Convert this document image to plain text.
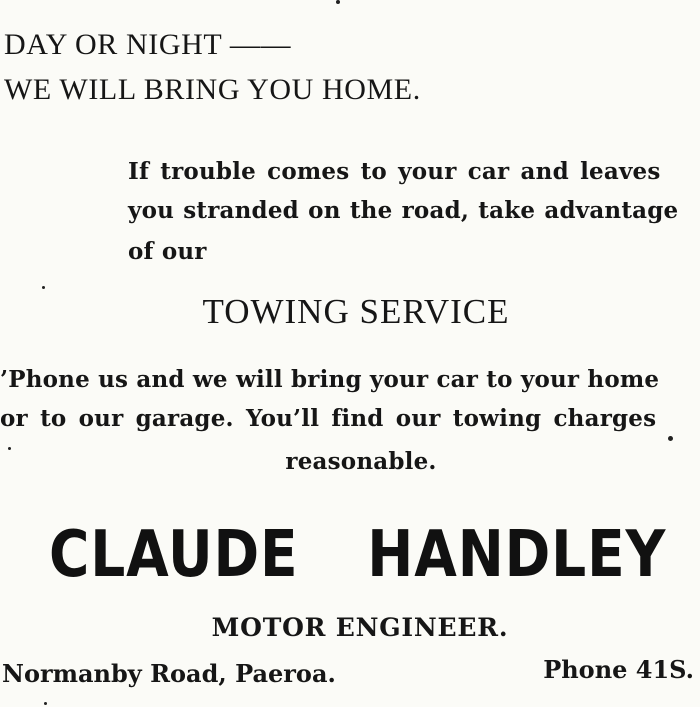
DAY OR NIGHT ——

WE WILL BRING YOU HOME.

If trouble comes to your car and leaves

you stranded on the road, take advantage

of our

TOWING SERVICE

’Phone us and we will bring your car to your home

or to our garage. You’ll find our towing charges

reasonable.

CLAUDE HANDLEY

MOTOR ENGINEER.

Normanby Road, Paeroa.	Phone 41S.
